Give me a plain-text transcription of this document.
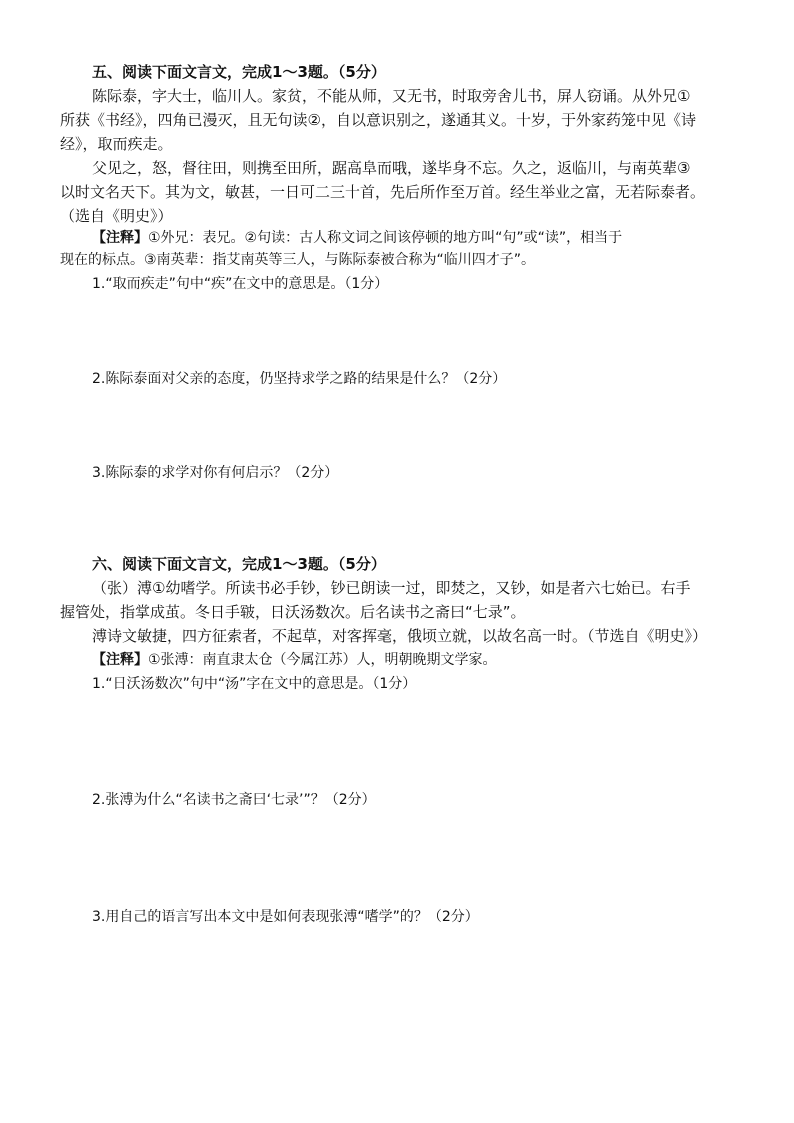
五、阅读下面文言文，完成1～3题。（5分）
陈际泰，字大士，临川人。家贫，不能从师，又无书，时取旁舍儿书，屏人窃诵。从外兄①
所获《书经》，四角已漫灭，且无句读②，自以意识别之，遂通其义。十岁，于外家药笼中见《诗
经》，取而疾走。
父见之，怒，督往田，则携至田所，踞高阜而哦，遂毕身不忘。久之，返临川，与南英辈③
以时文名天下。其为文，敏甚，一日可二三十首，先后所作至万首。经生举业之富，无若际泰者。
（选自《明史》）
【注释】①外兄：表兄。②句读：古人称文词之间该停顿的地方叫“句”或“读”，相当于
现在的标点。③南英辈：指艾南英等三人，与陈际泰被合称为“临川四才子”。
1.“取而疾走”句中“疾”在文中的意思是。（1分）
2.陈际泰面对父亲的态度，仍坚持求学之路的结果是什么？（2分）
3.陈际泰的求学对你有何启示？（2分）
六、阅读下面文言文，完成1～3题。（5分）
（张）溥①幼嗜学。所读书必手钞，钞已朗读一过，即焚之，又钞，如是者六七始已。右手
握管处，指掌成茧。冬日手皲，日沃汤数次。后名读书之斋曰“七录”。
溥诗文敏捷，四方征索者，不起草，对客挥毫，俄顷立就，以故名高一时。（节选自《明史》）
【注释】①张溥：南直隶太仓（今属江苏）人，明朝晚期文学家。
1.“日沃汤数次”句中“汤”字在文中的意思是。（1分）
2.张溥为什么“名读书之斋曰‘七录’”？（2分）
3.用自己的语言写出本文中是如何表现张溥“嗜学”的？（2分）
